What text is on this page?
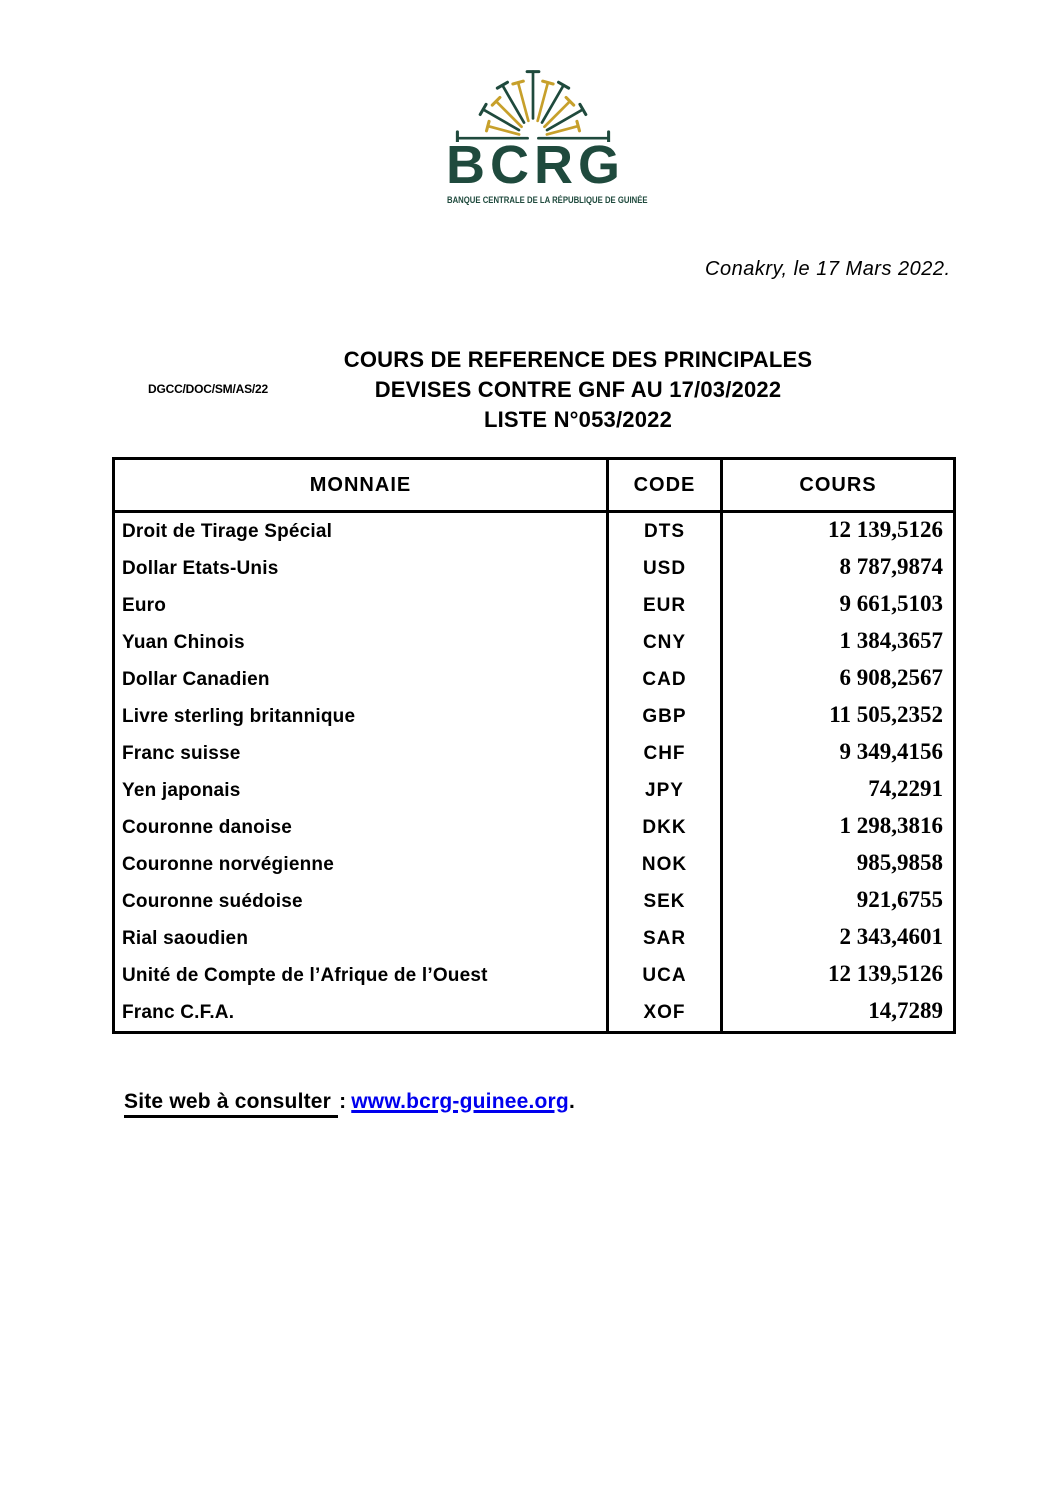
BCRG
BANQUE CENTRALE DE LA RÉPUBLIQUE DE GUINÉE
Conakry, le 17 Mars 2022.
DGCC/DOC/SM/AS/22
COURS DE REFERENCE DES PRINCIPALES
DEVISES CONTRE GNF AU 17/03/2022
LISTE N°053/2022
MONNAIE	CODE	COURS
Droit de Tirage Spécial	DTS	12 139,5126
Dollar Etats-Unis	USD	8 787,9874
Euro	EUR	9 661,5103
Yuan Chinois	CNY	1 384,3657
Dollar Canadien	CAD	6 908,2567
Livre sterling britannique	GBP	11 505,2352
Franc suisse	CHF	9 349,4156
Yen japonais	JPY	74,2291
Couronne danoise	DKK	1 298,3816
Couronne norvégienne	NOK	985,9858
Couronne suédoise	SEK	921,6755
Rial saoudien	SAR	2 343,4601
Unité de Compte de l’Afrique de l’Ouest	UCA	12 139,5126
Franc C.F.A.	XOF	14,7289
Site web à consulter : www.bcrg-guinee.org.
